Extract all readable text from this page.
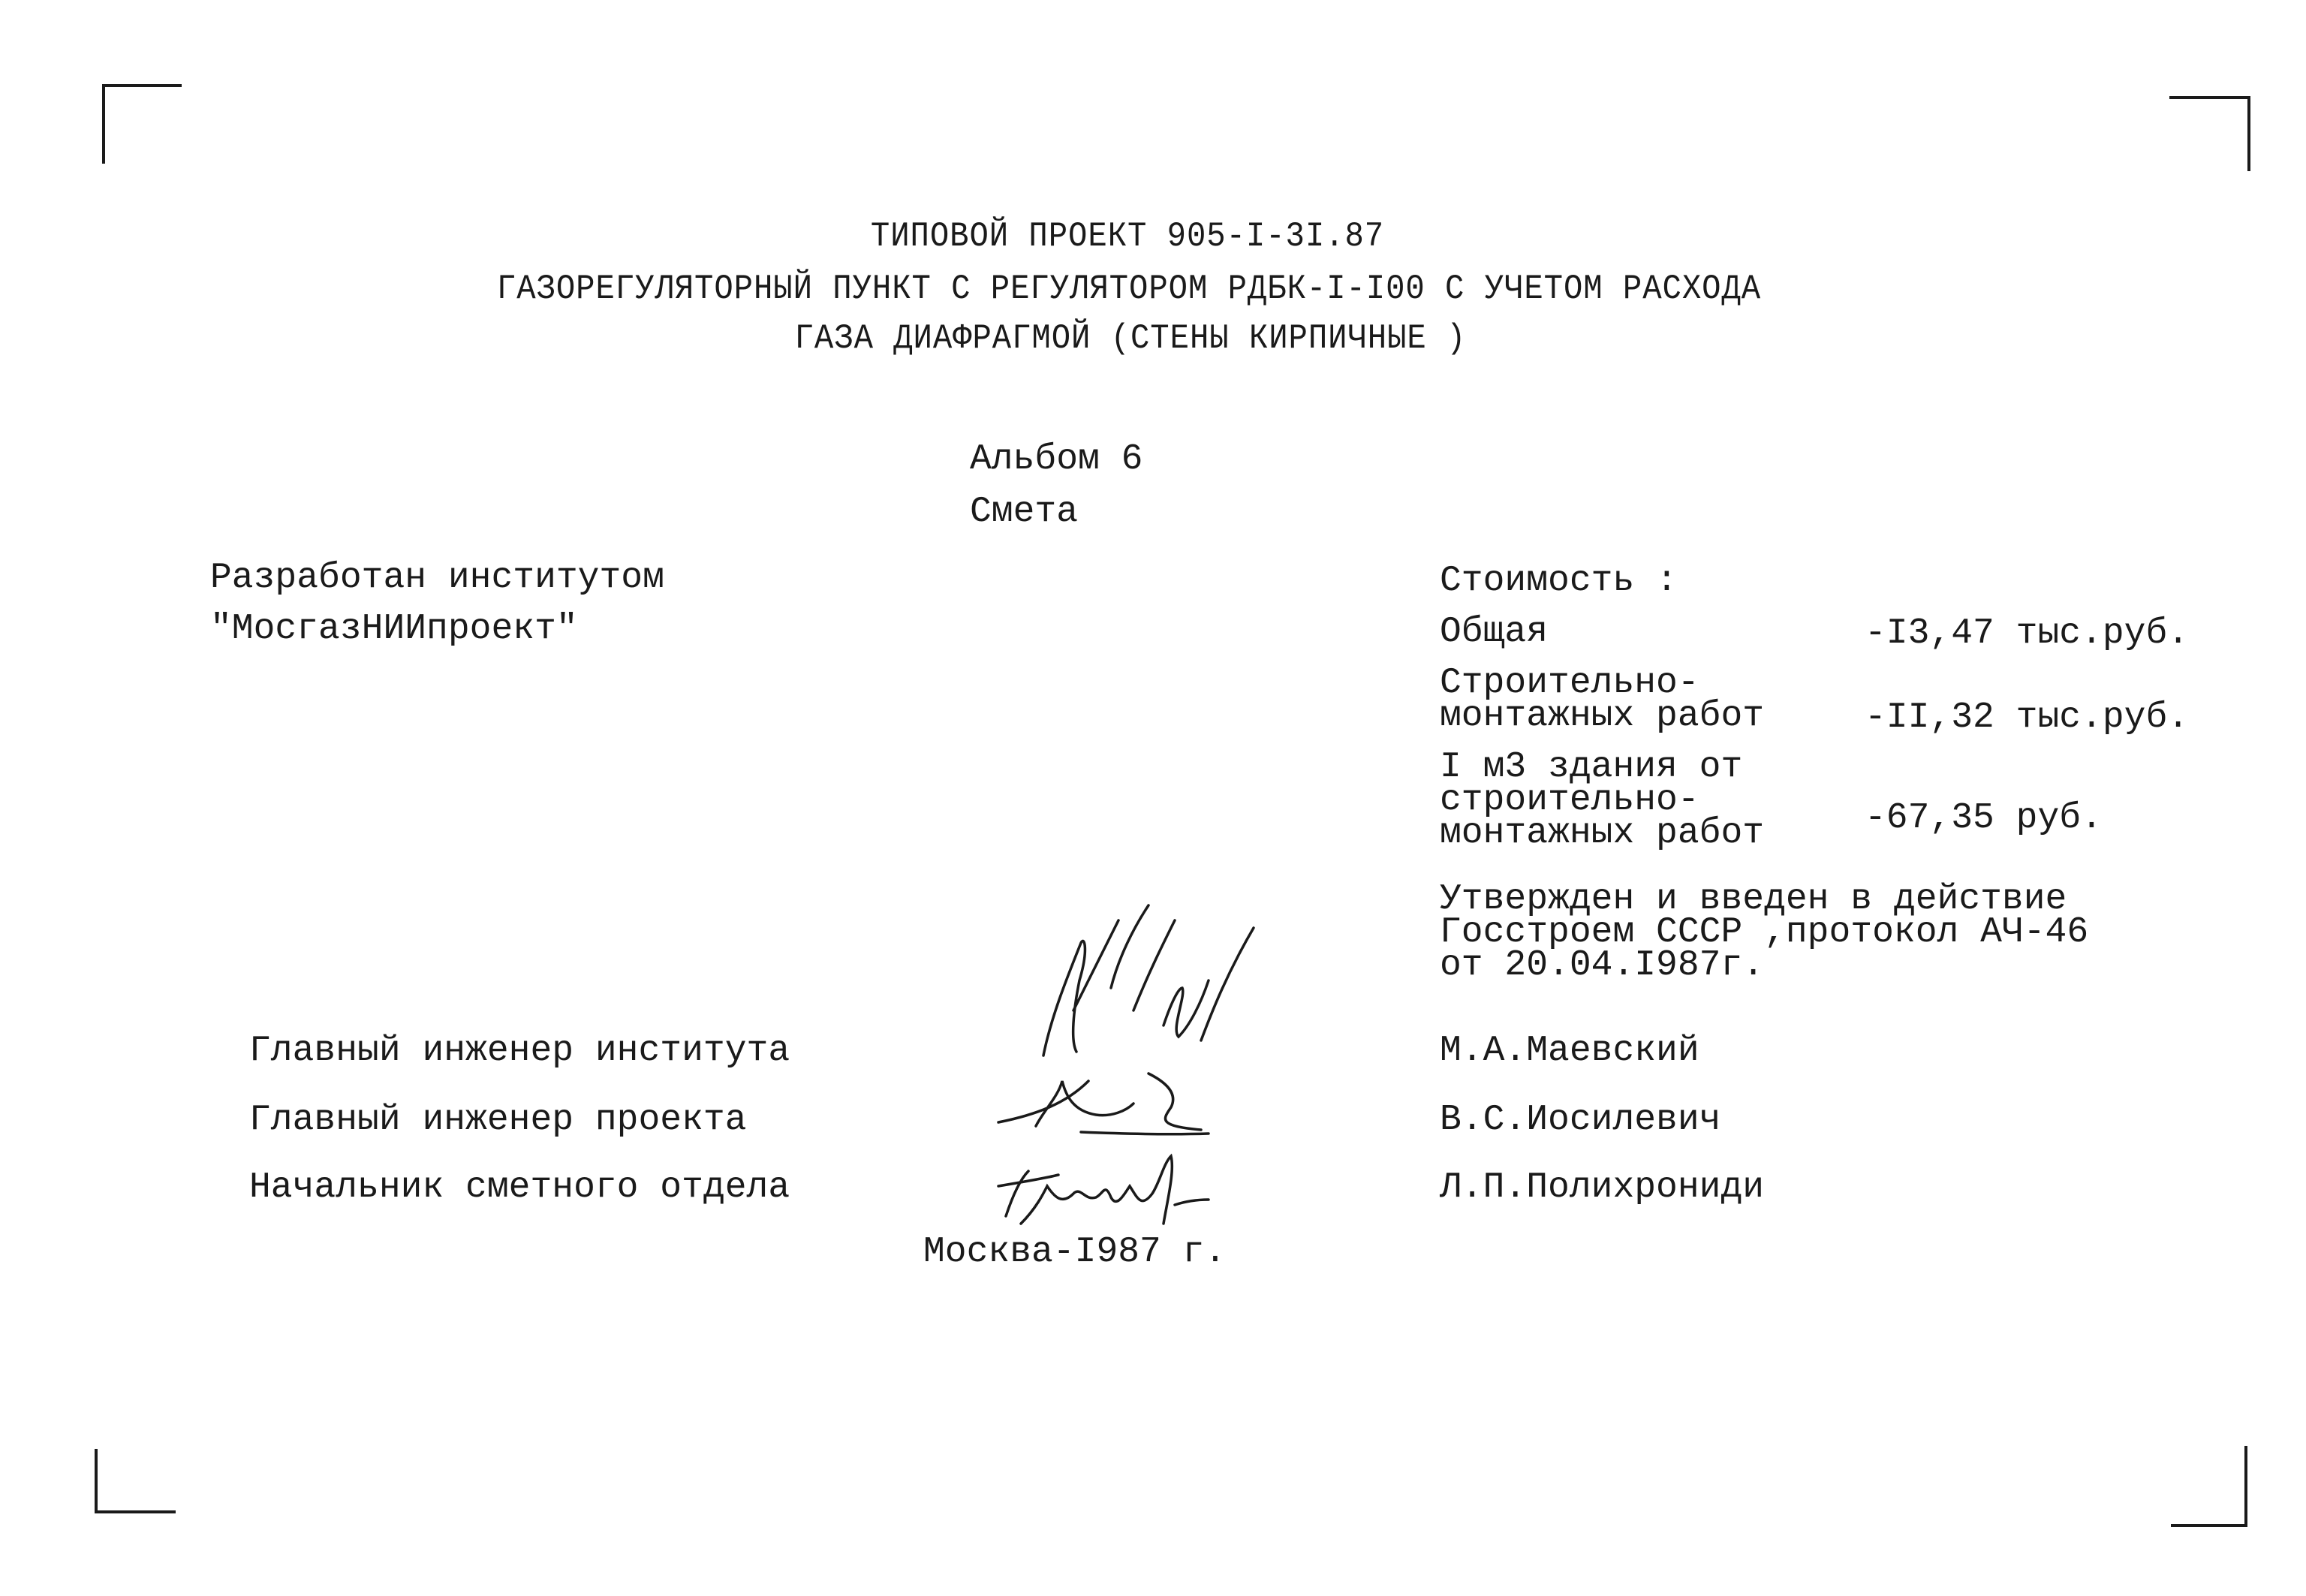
ТИПОВОЙ ПРОЕКТ 905-I-3I.87
ГАЗОРЕГУЛЯТОРНЫЙ ПУНКТ С РЕГУЛЯТОРОМ РДБК-I-I00 С УЧЕТОМ РАСХОДА
ГАЗА ДИАФРАГМОЙ (СТЕНЫ КИРПИЧНЫЕ )
Альбом 6
Смета
Разработан институтом
"МосгазНИИпроект"
Стоимость :
Общая	-I3,47 тыс.руб.
Строительно-
монтажных работ	-II,32 тыс.руб.
I м3 здания от
строительно-
монтажных работ	-67,35 руб.
Утвержден и введен в действие
Госстроем СССР ,протокол АЧ-46
от 20.04.I987г.
Главный инженер института	М.А.Маевский
Главный инженер проекта	В.С.Иосилевич
Начальник сметного отдела	Л.П.Полихрониди
Москва-I987 г.
